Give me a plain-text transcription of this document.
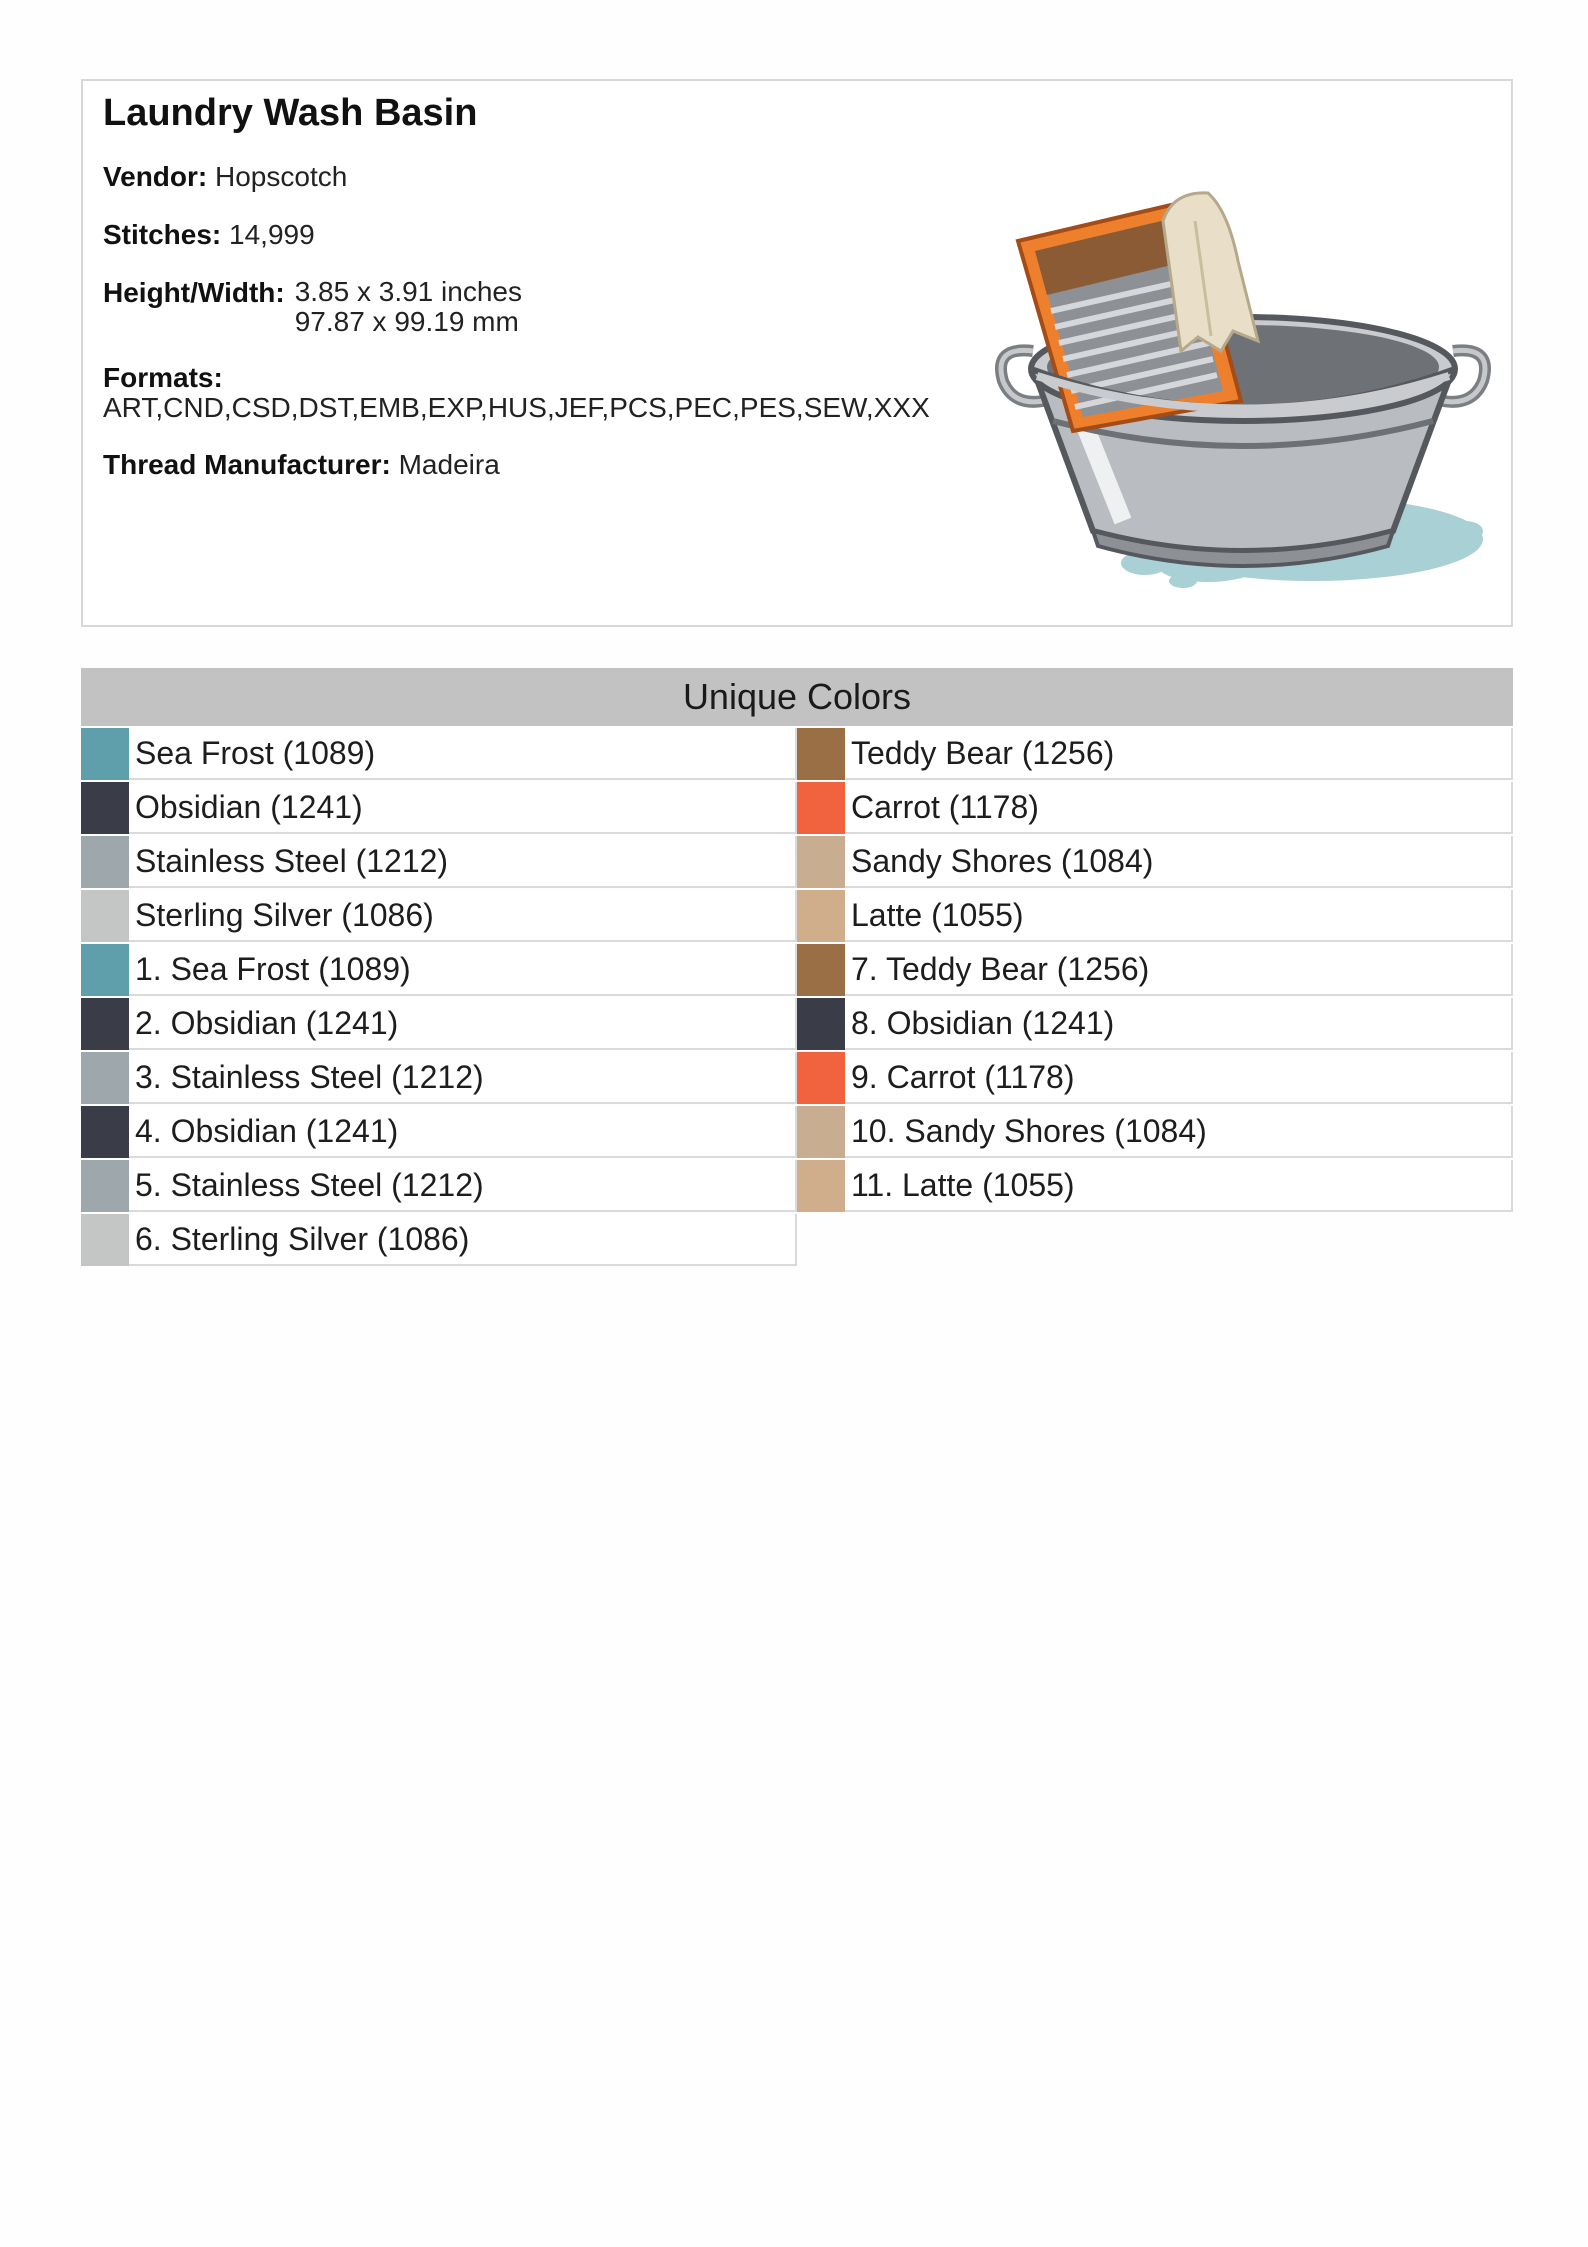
Laundry Wash Basin
Vendor: Hopscotch
Stitches: 14,999
Height/Width: 3.85 x 3.91 inches
97.87 x 99.19 mm
Formats:
ART,CND,CSD,DST,EMB,EXP,HUS,JEF,PCS,PEC,PES,SEW,XXX
Thread Manufacturer: Madeira
Unique Colors
Sea Frost (1089)
Obsidian (1241)
Stainless Steel (1212)
Sterling Silver (1086)
1. Sea Frost (1089)
2. Obsidian (1241)
3. Stainless Steel (1212)
4. Obsidian (1241)
5. Stainless Steel (1212)
6. Sterling Silver (1086)
Teddy Bear (1256)
Carrot (1178)
Sandy Shores (1084)
Latte (1055)
7. Teddy Bear (1256)
8. Obsidian (1241)
9. Carrot (1178)
10. Sandy Shores (1084)
11. Latte (1055)
